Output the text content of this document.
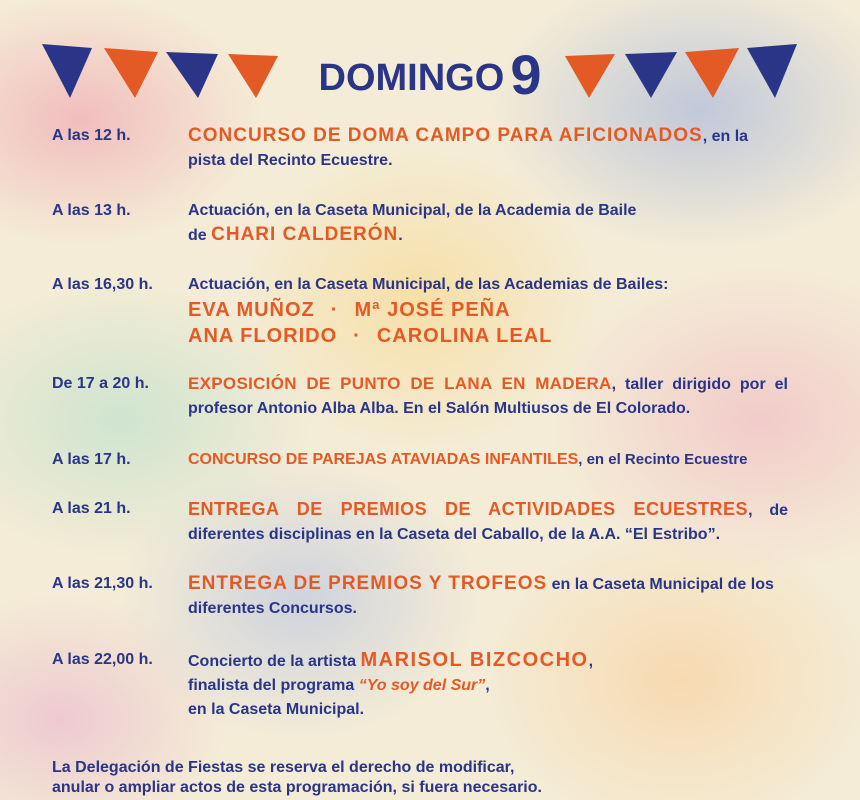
DOMINGO 9
A las 12 h.	CONCURSO DE DOMA CAMPO PARA AFICIONADOS, en la pista del Recinto Ecuestre.
A las 13 h.	Actuación, en la Caseta Municipal, de la Academia de Baile
de CHARI CALDERÓN.
A las 16,30 h.	Actuación, en la Caseta Municipal, de las Academias de Bailes:
EVA MUÑOZ · Mª JOSÉ PEÑA
ANA FLORIDO · CAROLINA LEAL
De 17 a 20 h.	EXPOSICIÓN DE PUNTO DE LANA EN MADERA, taller dirigido por el profesor Antonio Alba Alba. En el Salón Multiusos de El Colorado.
A las 17 h.	CONCURSO DE PAREJAS ATAVIADAS INFANTILES, en el Recinto Ecuestre
A las 21 h.	ENTREGA DE PREMIOS DE ACTIVIDADES ECUESTRES, de diferentes disciplinas en la Caseta del Caballo, de la A.A. “El Estribo”.
A las 21,30 h.	ENTREGA DE PREMIOS Y TROFEOS en la Caseta Municipal de los diferentes Concursos.
A las 22,00 h.	Concierto de la artista MARISOL BIZCOCHO,
finalista del programa “Yo soy del Sur”,
en la Caseta Municipal.
La Delegación de Fiestas se reserva el derecho de modificar,
anular o ampliar actos de esta programación, si fuera necesario.
